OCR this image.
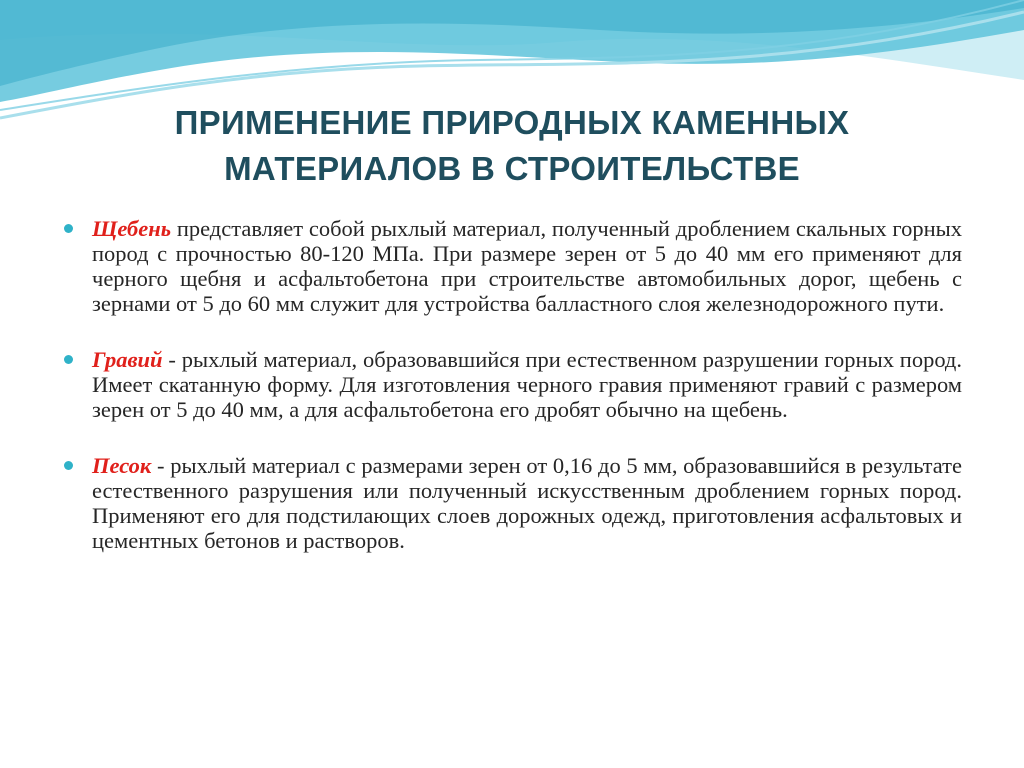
ПРИМЕНЕНИЕ ПРИРОДНЫХ КАМЕННЫХ
МАТЕРИАЛОВ В СТРОИТЕЛЬСТВЕ
Щебень представляет собой рыхлый материал, полученный дроблением скальных горных пород с прочностью 80-120 МПа. При размере зерен от 5 до 40 мм его применяют для черного щебня и асфальтобетона при строительстве автомобильных дорог, щебень с зернами от 5 до 60 мм служит для устройства балластного слоя железнодорожного пути.
Гравий - рыхлый материал, образовавшийся при естественном разрушении горных пород. Имеет скатанную форму. Для изготовления черного гравия применяют гравий с размером зерен от 5 до 40 мм, а для асфальтобетона его дробят обычно на щебень.
Песок - рыхлый материал с размерами зерен от 0,16 до 5 мм, образовавшийся в результате естественного разрушения или полученный искусственным дроблением горных пород. Применяют его для подстилающих слоев дорожных одежд, приготовления асфальтовых и цементных бетонов и растворов.
